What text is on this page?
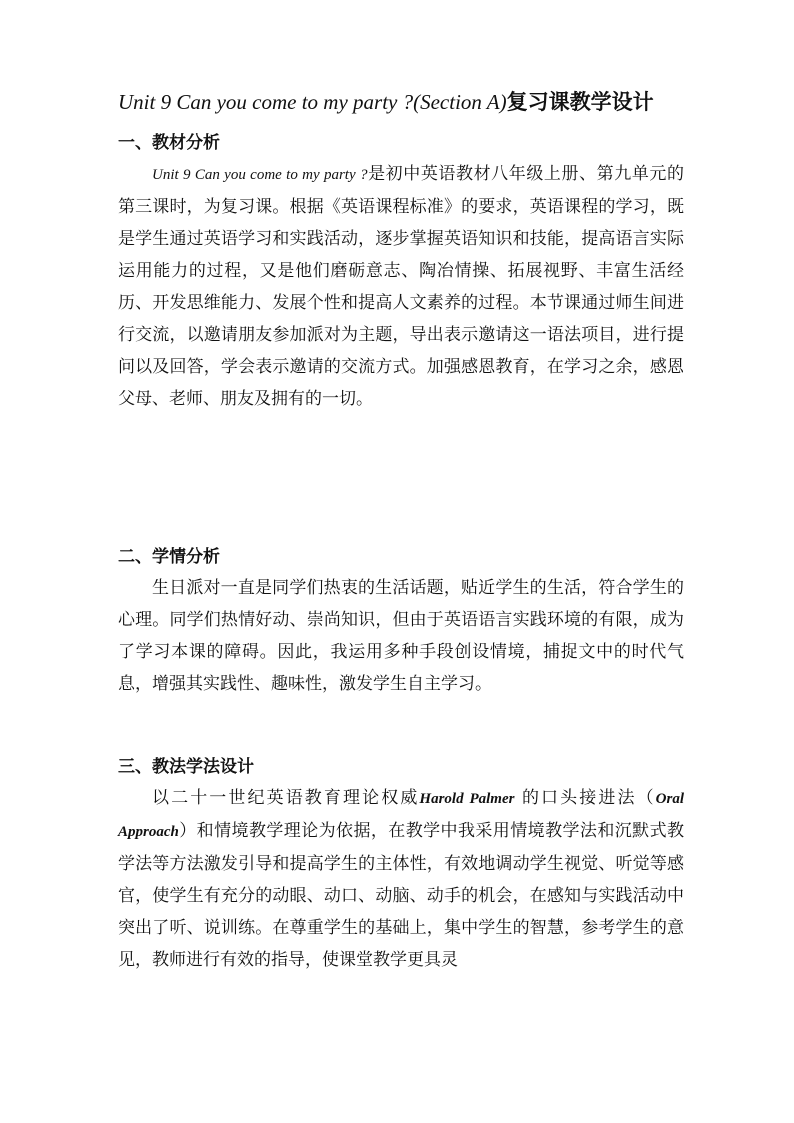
Unit 9 Can you come to my party ?(Section A)复习课教学设计
一、教材分析
Unit 9 Can you come to my party ?是初中英语教材八年级上册、第九单元的第三课时，为复习课。根据《英语课程标准》的要求，英语课程的学习，既是学生通过英语学习和实践活动，逐步掌握英语知识和技能，提高语言实际运用能力的过程，又是他们磨砺意志、陶冶情操、拓展视野、丰富生活经历、开发思维能力、发展个性和提高人文素养的过程。本节课通过师生间进行交流，以邀请朋友参加派对为主题，导出表示邀请这一语法项目，进行提问以及回答，学会表示邀请的交流方式。加强感恩教育，在学习之余，感恩父母、老师、朋友及拥有的一切。
二、学情分析
生日派对一直是同学们热衷的生活话题，贴近学生的生活，符合学生的心理。同学们热情好动、崇尚知识，但由于英语语言实践环境的有限，成为了学习本课的障碍。因此，我运用多种手段创设情境，捕捉文中的时代气息，增强其实践性、趣味性，激发学生自主学习。
三、教法学法设计
以二十一世纪英语教育理论权威Harold Palmer 的口头接进法（Oral Approach）和情境教学理论为依据，在教学中我采用情境教学法和沉默式教学法等方法激发引导和提高学生的主体性，有效地调动学生视觉、听觉等感官，使学生有充分的动眼、动口、动脑、动手的机会，在感知与实践活动中突出了听、说训练。在尊重学生的基础上，集中学生的智慧，参考学生的意见，教师进行有效的指导，使课堂教学更具灵
